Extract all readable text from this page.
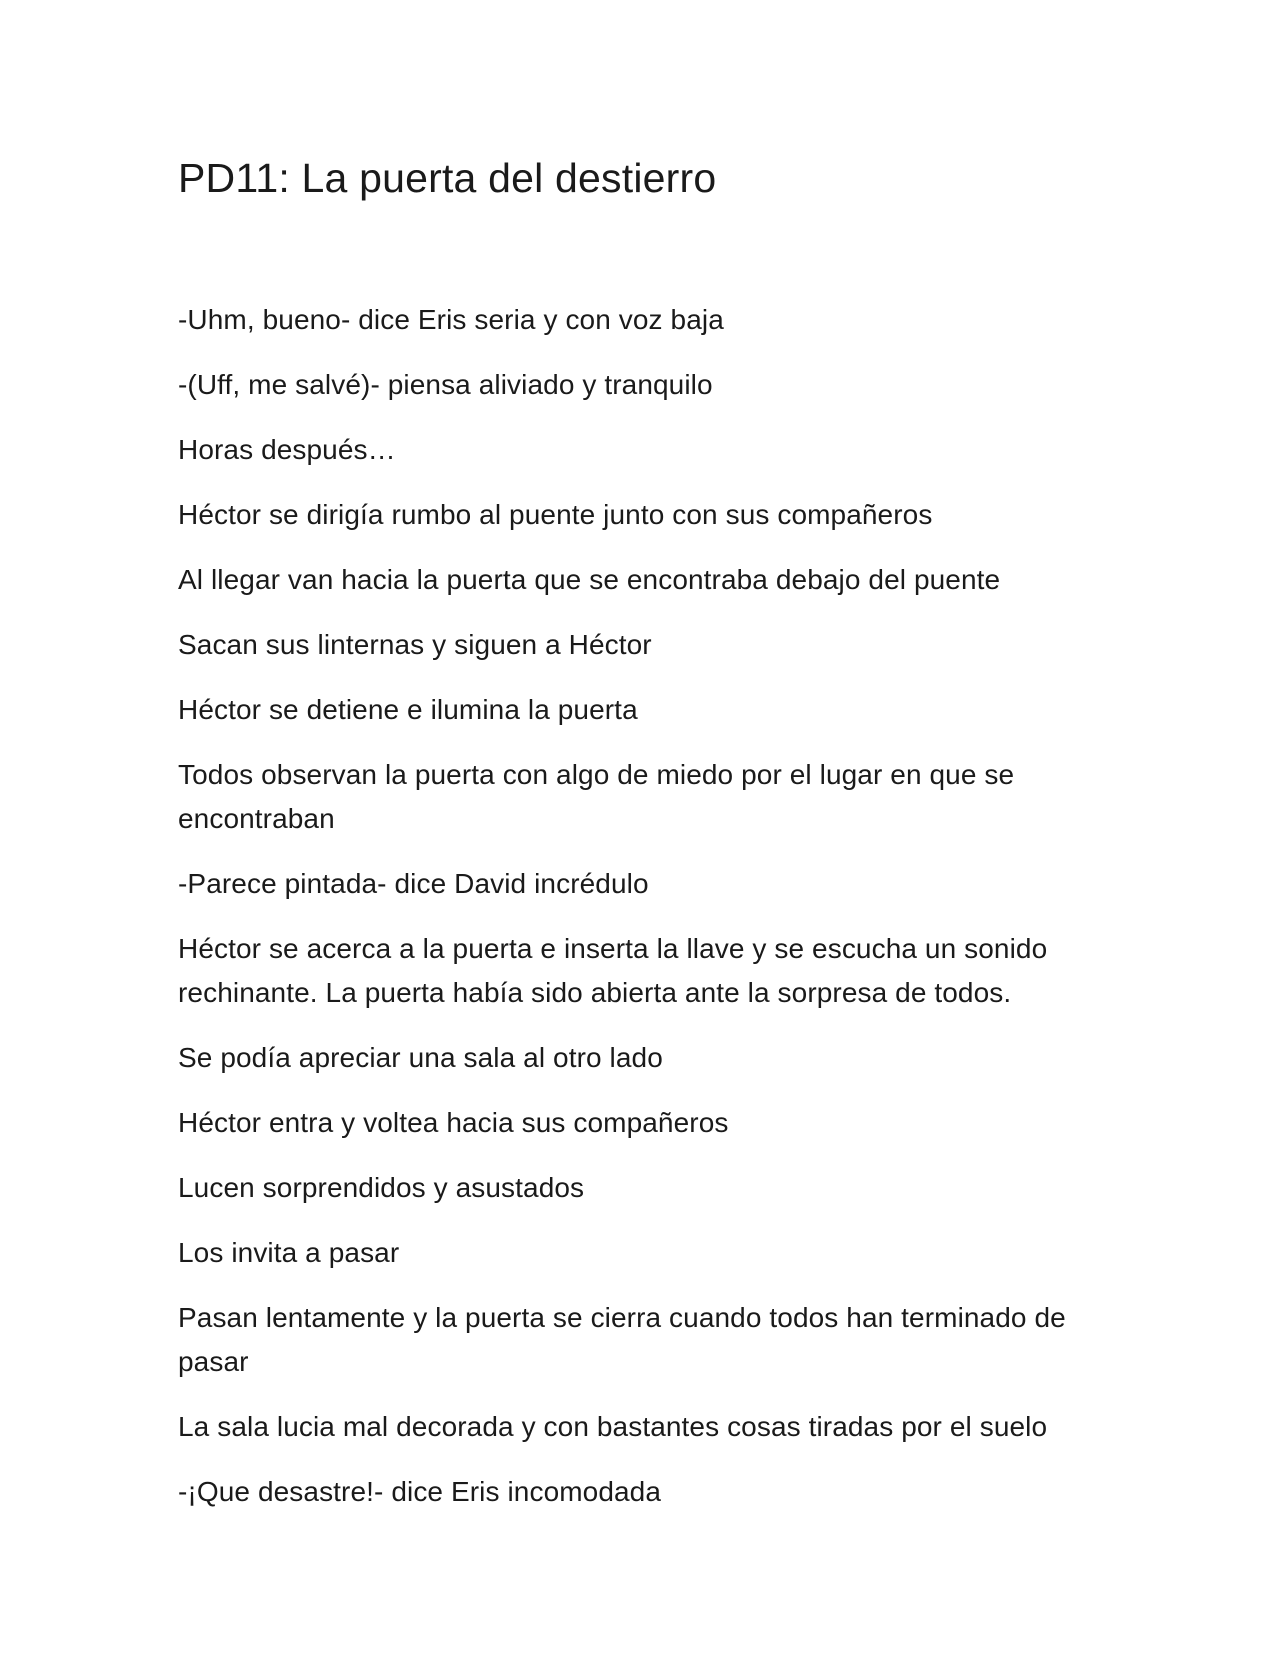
PD11: La puerta del destierro

-Uhm, bueno- dice Eris seria y con voz baja

-(Uff, me salvé)- piensa aliviado y tranquilo

Horas después…

Héctor se dirigía rumbo al puente junto con sus compañeros

Al llegar van hacia la puerta que se encontraba debajo del puente

Sacan sus linternas y siguen a Héctor

Héctor se detiene e ilumina la puerta

Todos observan la puerta con algo de miedo por el lugar en que se encontraban

-Parece pintada- dice David incrédulo

Héctor se acerca a la puerta e inserta la llave y se escucha un sonido rechinante. La puerta había sido abierta ante la sorpresa de todos.

Se podía apreciar una sala al otro lado

Héctor entra y voltea hacia sus compañeros

Lucen sorprendidos y asustados

Los invita a pasar

Pasan lentamente y la puerta se cierra cuando todos han terminado de pasar

La sala lucia mal decorada y con bastantes cosas tiradas por el suelo

-¡Que desastre!- dice Eris incomodada
